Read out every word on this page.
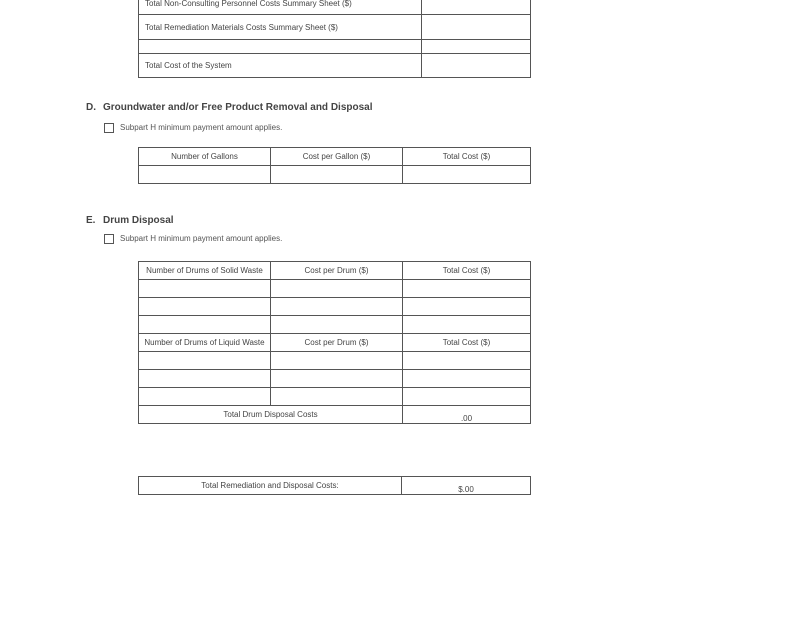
Total Non-Consulting Personnel Costs Summary Sheet ($)	
Total Remediation Materials Costs Summary Sheet ($)	

Total Cost of the System	
D. Groundwater and/or Free Product Removal and Disposal
Subpart H minimum payment amount applies.
Number of Gallons	Cost per Gallon ($)	Total Cost ($)

E. Drum Disposal
Subpart H minimum payment amount applies.
Number of Drums of Solid Waste	Cost per Drum ($)	Total Cost ($)

Number of Drums of Liquid Waste	Cost per Drum ($)	Total Cost ($)

Total Drum Disposal Costs		.00
Total Remediation and Disposal Costs:	$.00
